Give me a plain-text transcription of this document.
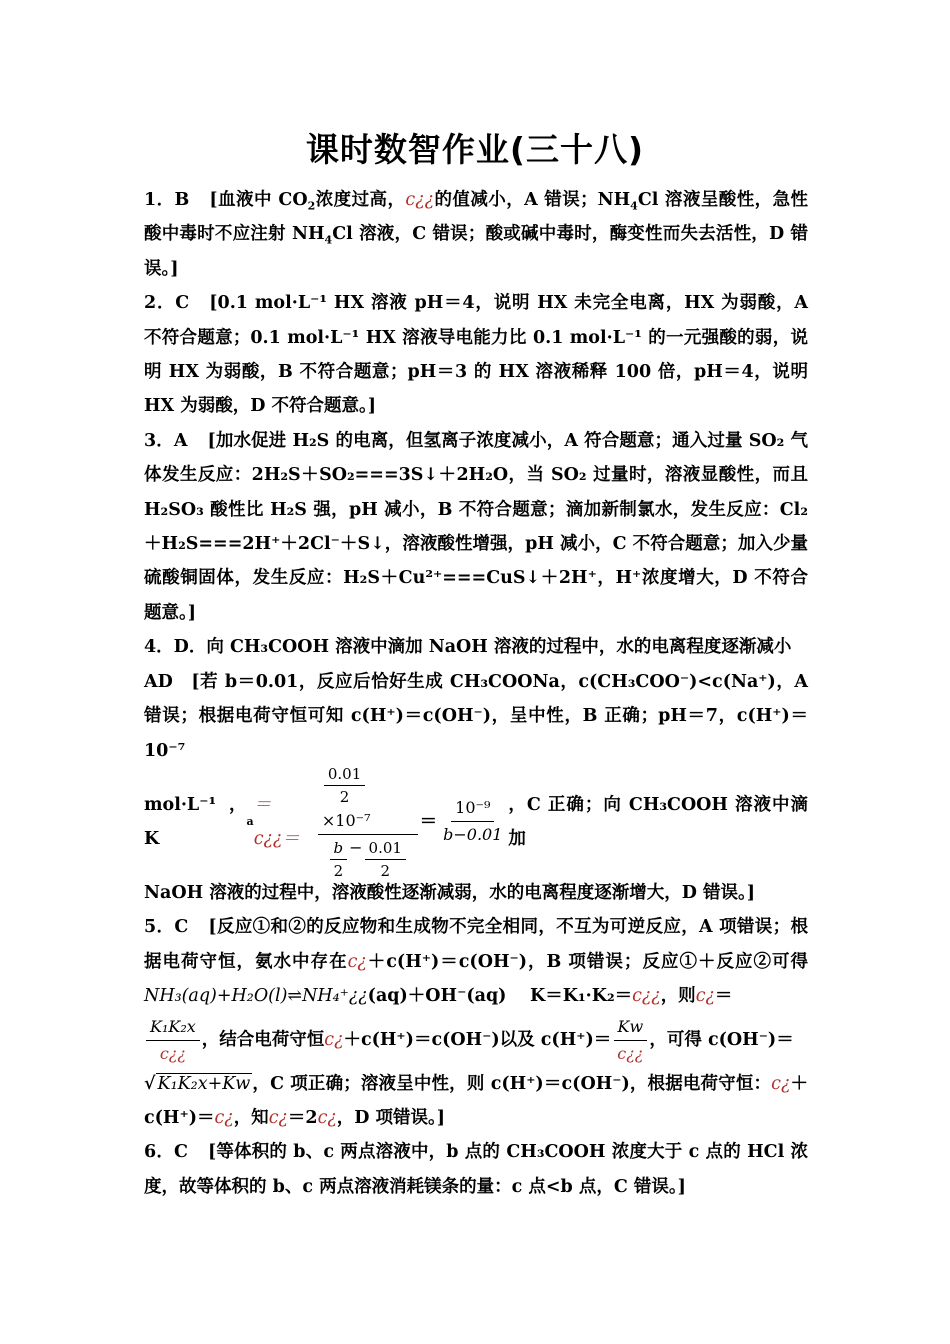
课时数智作业(三十八)

1．B [血液中 $CO_2$浓度过高，c¿¿的值减小，A 错误；$NH_4Cl$ 溶液呈酸性，急性酸中毒时不应注射 $NH_4Cl$ 溶液，C 错误；酸或碱中毒时，酶变性而失去活性，D 错误。]

2．C [0.1 mol·L⁻¹ HX 溶液 pH＝4，说明 HX 未完全电离，HX 为弱酸，A 不符合题意；0.1 mol·L⁻¹ HX 溶液导电能力比 0.1 mol·L⁻¹ 的一元强酸的弱，说明 HX 为弱酸，B 不符合题意；pH＝3 的 HX 溶液稀释 100 倍，pH＝4，说明 HX 为弱酸，D 不符合题意。]

3．A [加水促进 H₂S 的电离，但氢离子浓度减小，A 符合题意；通入过量 SO₂ 气体发生反应：2H₂S＋SO₂===3S↓＋2H₂O，当 SO₂ 过量时，溶液显酸性，而且 H₂SO₃ 酸性比 H₂S 强，pH 减小，B 不符合题意；滴加新制氯水，发生反应：Cl₂＋H₂S===2H⁺＋2Cl⁻＋S↓，溶液酸性增强，pH 减小，C 不符合题意；加入少量硫酸铜固体，发生反应：H₂S＋Cu²⁺===CuS↓＋2H⁺，H⁺浓度增大，D 不符合题意。]

4．D．向 CH₃COOH 溶液中滴加 NaOH 溶液的过程中，水的电离程度逐渐减小

AD　[若 b＝0.01，反应后恰好生成 CH₃COONa，c(CH₃COO⁻)<c(Na⁺)，A 错误；根据电荷守恒可知 c(H⁺)＝c(OH⁻)，呈中性，B 正确；pH＝7，c(H⁺)＝10⁻⁷

mol·L⁻¹，K
a
＝c¿¿＝	$\frac{0.01}{2}$
×10⁻⁷
$\frac{b}{2} - \frac{0.01}{2} = \frac{\text{10⁻⁹}}{b-0.01}$ ，C 正确；向 CH₃COOH 溶液中滴加

NaOH 溶液的过程中，溶液酸性逐渐减弱，水的电离程度逐渐增大，D 错误。]

5．C [反应①和②的反应物和生成物不完全相同，不互为可逆反应，A 项错误；根据电荷守恒，氨水中存在c¿＋c(H⁺)＝c(OH⁻)，B 项错误；反应①＋反应②可得NH₃(aq)+H₂O(l)⇌NH₄⁺¿¿(aq)＋OH⁻(aq)　 K＝K₁·K₂＝c¿¿，则c¿＝

$\frac{\text{K₁K₂x}}{c¿¿}$ ，结合电荷守恒 c¿ ＋c(H⁺)＝c(OH⁻)以及 $c(H^+)= \frac{Kw}{c¿¿}$ ，可得 c(OH⁻)＝

√ K₁K₂x+Kw ，C 项正确；溶液呈中性，则 c(H⁺)＝c(OH⁻)，根据电荷守恒：c¿＋c(H⁺)＝c¿，知c¿＝2c¿，D 项错误。]

6．C [等体积的 b、c 两点溶液中，b 点的 CH₃COOH 浓度大于 c 点的 HCl 浓度，故等体积的 b、c 两点溶液消耗镁条的量：c 点<b 点，C 错误。]
